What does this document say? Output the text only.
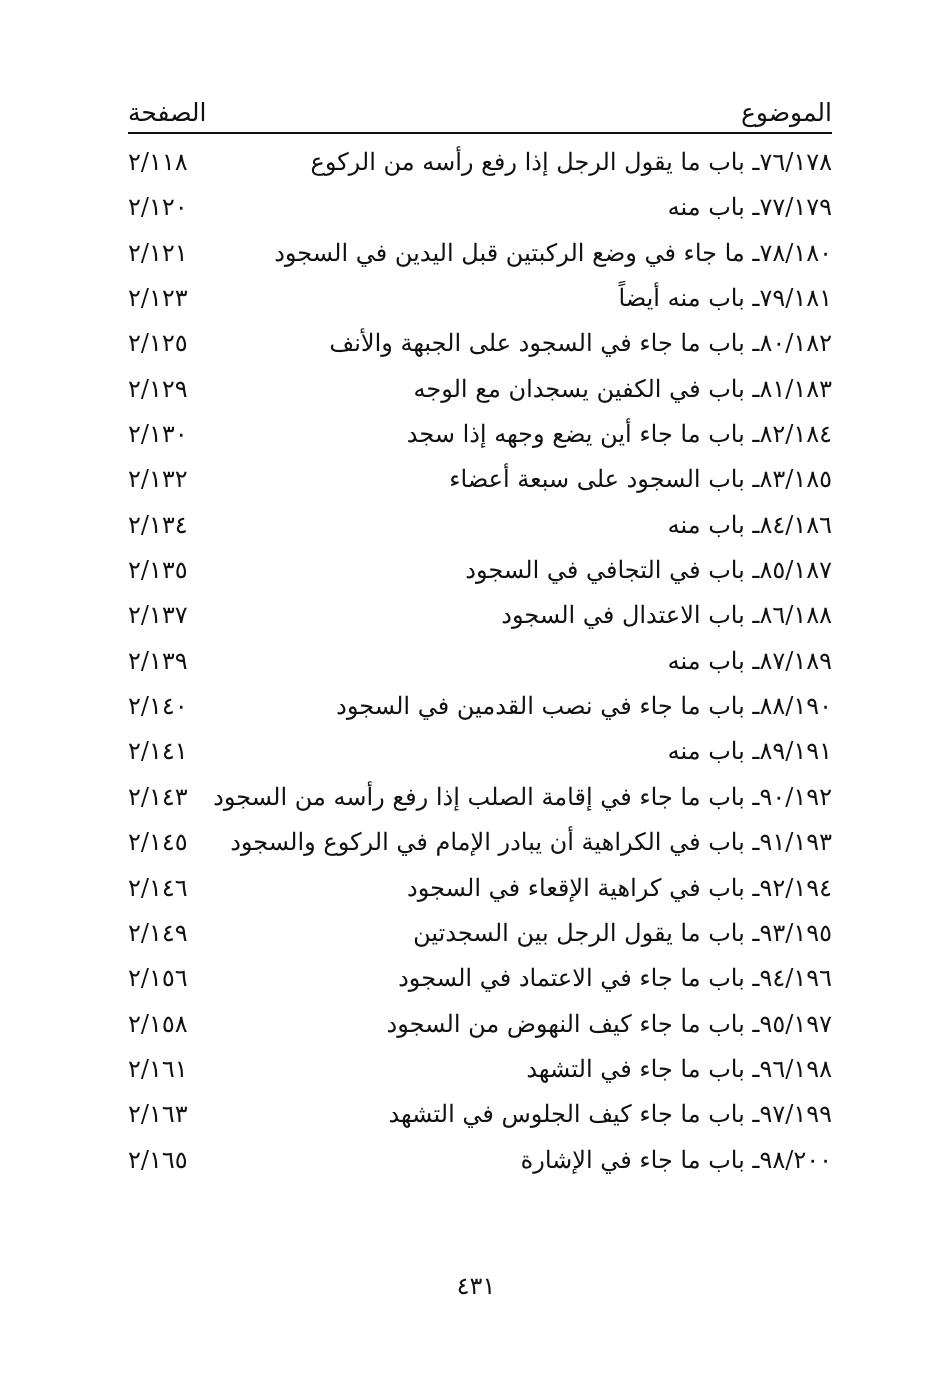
الموضوع
الصفحة
٧٦/١٧٨ـ باب ما يقول الرجل إذا رفع رأسه من الركوع
٢/١١٨
٧٧/١٧٩ـ باب منه
٢/١٢٠
٧٨/١٨٠ـ ما جاء في وضع الركبتين قبل اليدين في السجود
٢/١٢١
٧٩/١٨١ـ باب منه أيضاً
٢/١٢٣
٨٠/١٨٢ـ باب ما جاء في السجود على الجبهة والأنف
٢/١٢٥
٨١/١٨٣ـ باب في الكفين يسجدان مع الوجه
٢/١٢٩
٨٢/١٨٤ـ باب ما جاء أين يضع وجهه إذا سجد
٢/١٣٠
٨٣/١٨٥ـ باب السجود على سبعة أعضاء
٢/١٣٢
٨٤/١٨٦ـ باب منه
٢/١٣٤
٨٥/١٨٧ـ باب في التجافي في السجود
٢/١٣٥
٨٦/١٨٨ـ باب الاعتدال في السجود
٢/١٣٧
٨٧/١٨٩ـ باب منه
٢/١٣٩
٨٨/١٩٠ـ باب ما جاء في نصب القدمين في السجود
٢/١٤٠
٨٩/١٩١ـ باب منه
٢/١٤١
٩٠/١٩٢ـ باب ما جاء في إقامة الصلب إذا رفع رأسه من السجود
٢/١٤٣
٩١/١٩٣ـ باب في الكراهية أن يبادر الإمام في الركوع والسجود
٢/١٤٥
٩٢/١٩٤ـ باب في كراهية الإقعاء في السجود
٢/١٤٦
٩٣/١٩٥ـ باب ما يقول الرجل بين السجدتين
٢/١٤٩
٩٤/١٩٦ـ باب ما جاء في الاعتماد في السجود
٢/١٥٦
٩٥/١٩٧ـ باب ما جاء كيف النهوض من السجود
٢/١٥٨
٩٦/١٩٨ـ باب ما جاء في التشهد
٢/١٦١
٩٧/١٩٩ـ باب ما جاء كيف الجلوس في التشهد
٢/١٦٣
٩٨/٢٠٠ـ باب ما جاء في الإشارة
٢/١٦٥
٤٣١
